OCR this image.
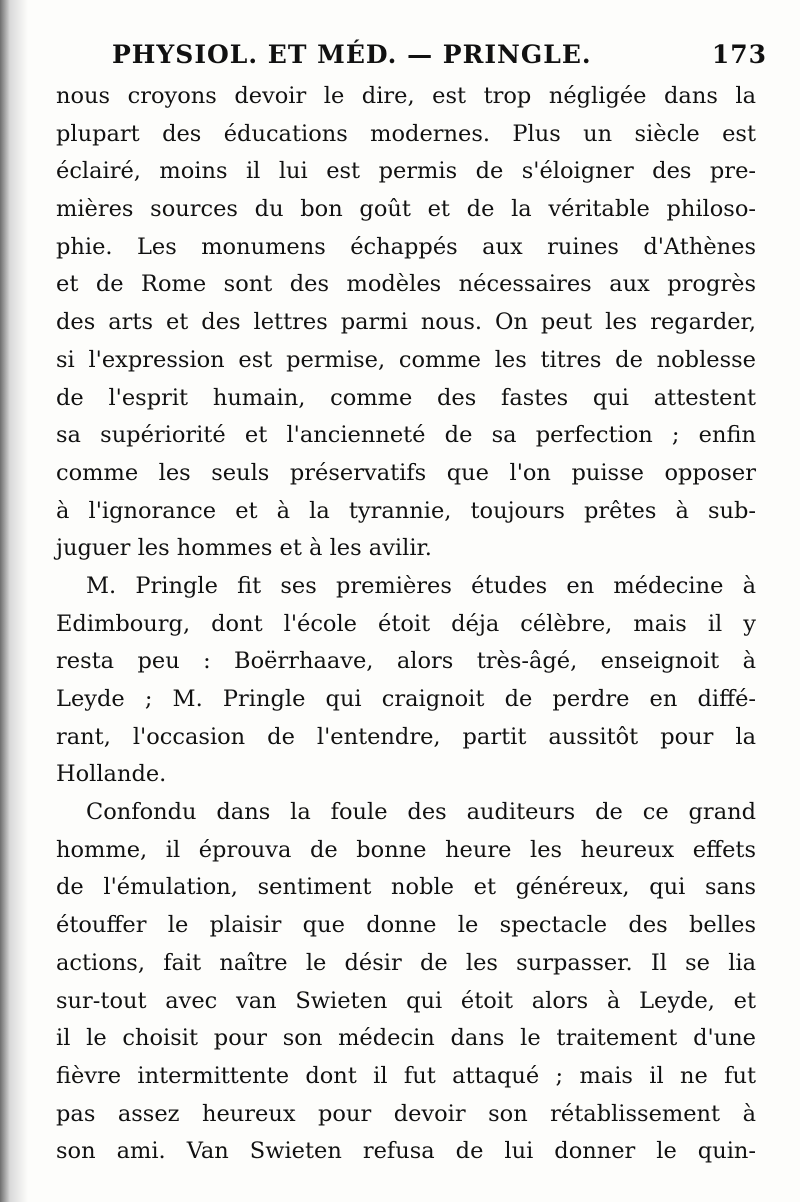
PHYSIOL. ET MÉD. — PRINGLE.	173
nous croyons devoir le dire, est trop négligée dans la
plupart des éducations modernes. Plus un siècle est
éclairé, moins il lui est permis de s'éloigner des pre-
mières sources du bon goût et de la véritable philoso-
phie. Les monumens échappés aux ruines d'Athènes
et de Rome sont des modèles nécessaires aux progrès
des arts et des lettres parmi nous. On peut les regarder,
si l'expression est permise, comme les titres de noblesse
de l'esprit humain, comme des fastes qui attestent
sa supériorité et l'ancienneté de sa perfection ; enfin
comme les seuls préservatifs que l'on puisse opposer
à l'ignorance et à la tyrannie, toujours prêtes à sub-
juguer les hommes et à les avilir.
M. Pringle fit ses premières études en médecine à
Edimbourg, dont l'école étoit déja célèbre, mais il y
resta peu : Boërrhaave, alors très-âgé, enseignoit à
Leyde ; M. Pringle qui craignoit de perdre en diffé-
rant, l'occasion de l'entendre, partit aussitôt pour la
Hollande.
Confondu dans la foule des auditeurs de ce grand
homme, il éprouva de bonne heure les heureux effets
de l'émulation, sentiment noble et généreux, qui sans
étouffer le plaisir que donne le spectacle des belles
actions, fait naître le désir de les surpasser. Il se lia
sur-tout avec van Swieten qui étoit alors à Leyde, et
il le choisit pour son médecin dans le traitement d'une
fièvre intermittente dont il fut attaqué ; mais il ne fut
pas assez heureux pour devoir son rétablissement à
son ami. Van Swieten refusa de lui donner le quin-
